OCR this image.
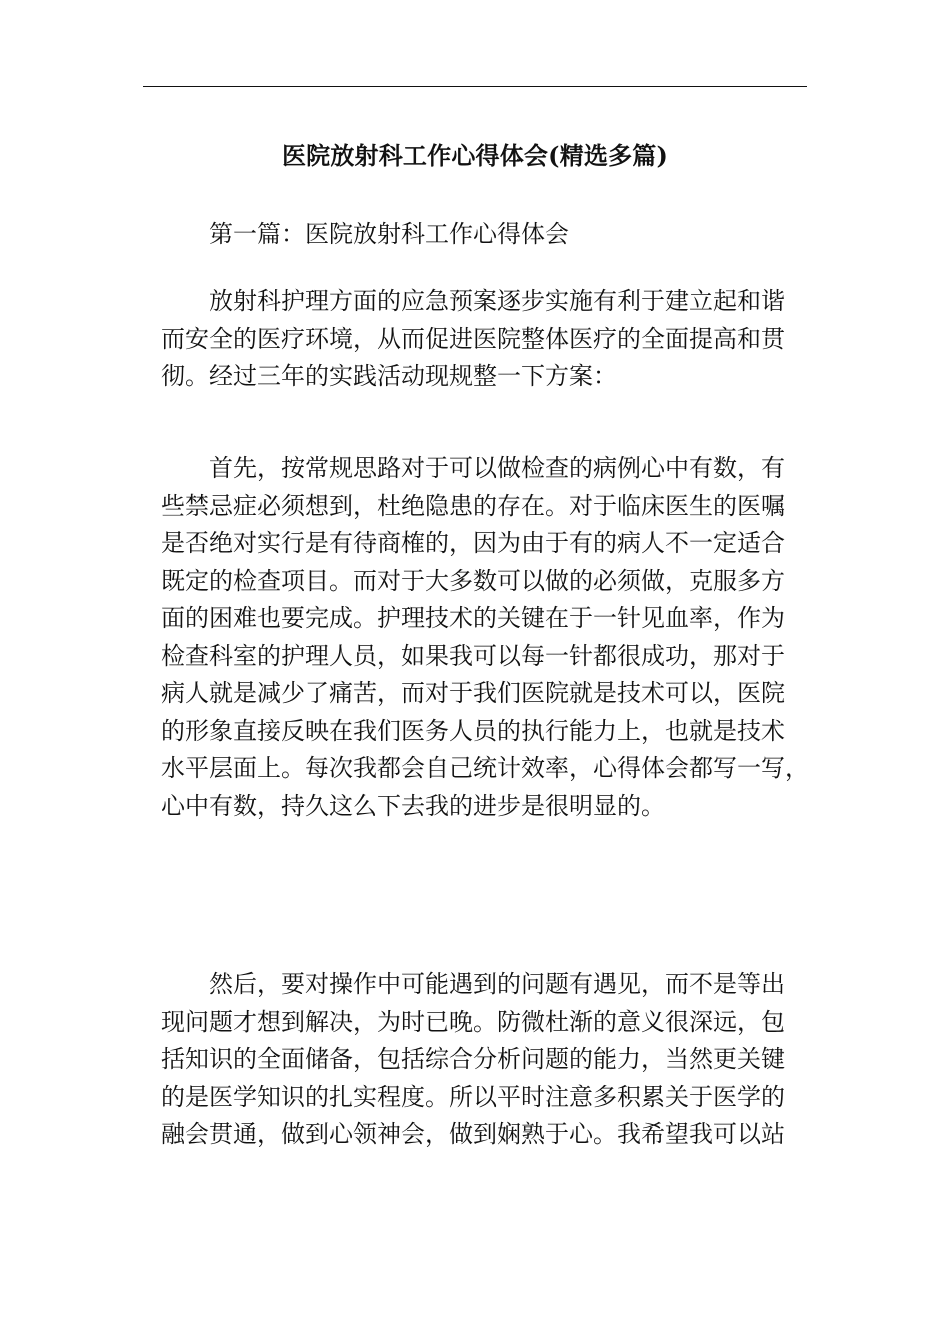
医院放射科工作心得体会(精选多篇)
第一篇：医院放射科工作心得体会
放射科护理方面的应急预案逐步实施有利于建立起和谐
而安全的医疗环境，从而促进医院整体医疗的全面提高和贯
彻。经过三年的实践活动现规整一下方案：
首先，按常规思路对于可以做检查的病例心中有数，有
些禁忌症必须想到，杜绝隐患的存在。对于临床医生的医嘱
是否绝对实行是有待商榷的，因为由于有的病人不一定适合
既定的检查项目。而对于大多数可以做的必须做，克服多方
面的困难也要完成。护理技术的关键在于一针见血率，作为
检查科室的护理人员，如果我可以每一针都很成功，那对于
病人就是减少了痛苦，而对于我们医院就是技术可以，医院
的形象直接反映在我们医务人员的执行能力上，也就是技术
水平层面上。每次我都会自己统计效率，心得体会都写一写，
心中有数，持久这么下去我的进步是很明显的。
然后，要对操作中可能遇到的问题有遇见，而不是等出
现问题才想到解决，为时已晚。防微杜渐的意义很深远，包
括知识的全面储备，包括综合分析问题的能力，当然更关键
的是医学知识的扎实程度。所以平时注意多积累关于医学的
融会贯通，做到心领神会，做到娴熟于心。我希望我可以站
